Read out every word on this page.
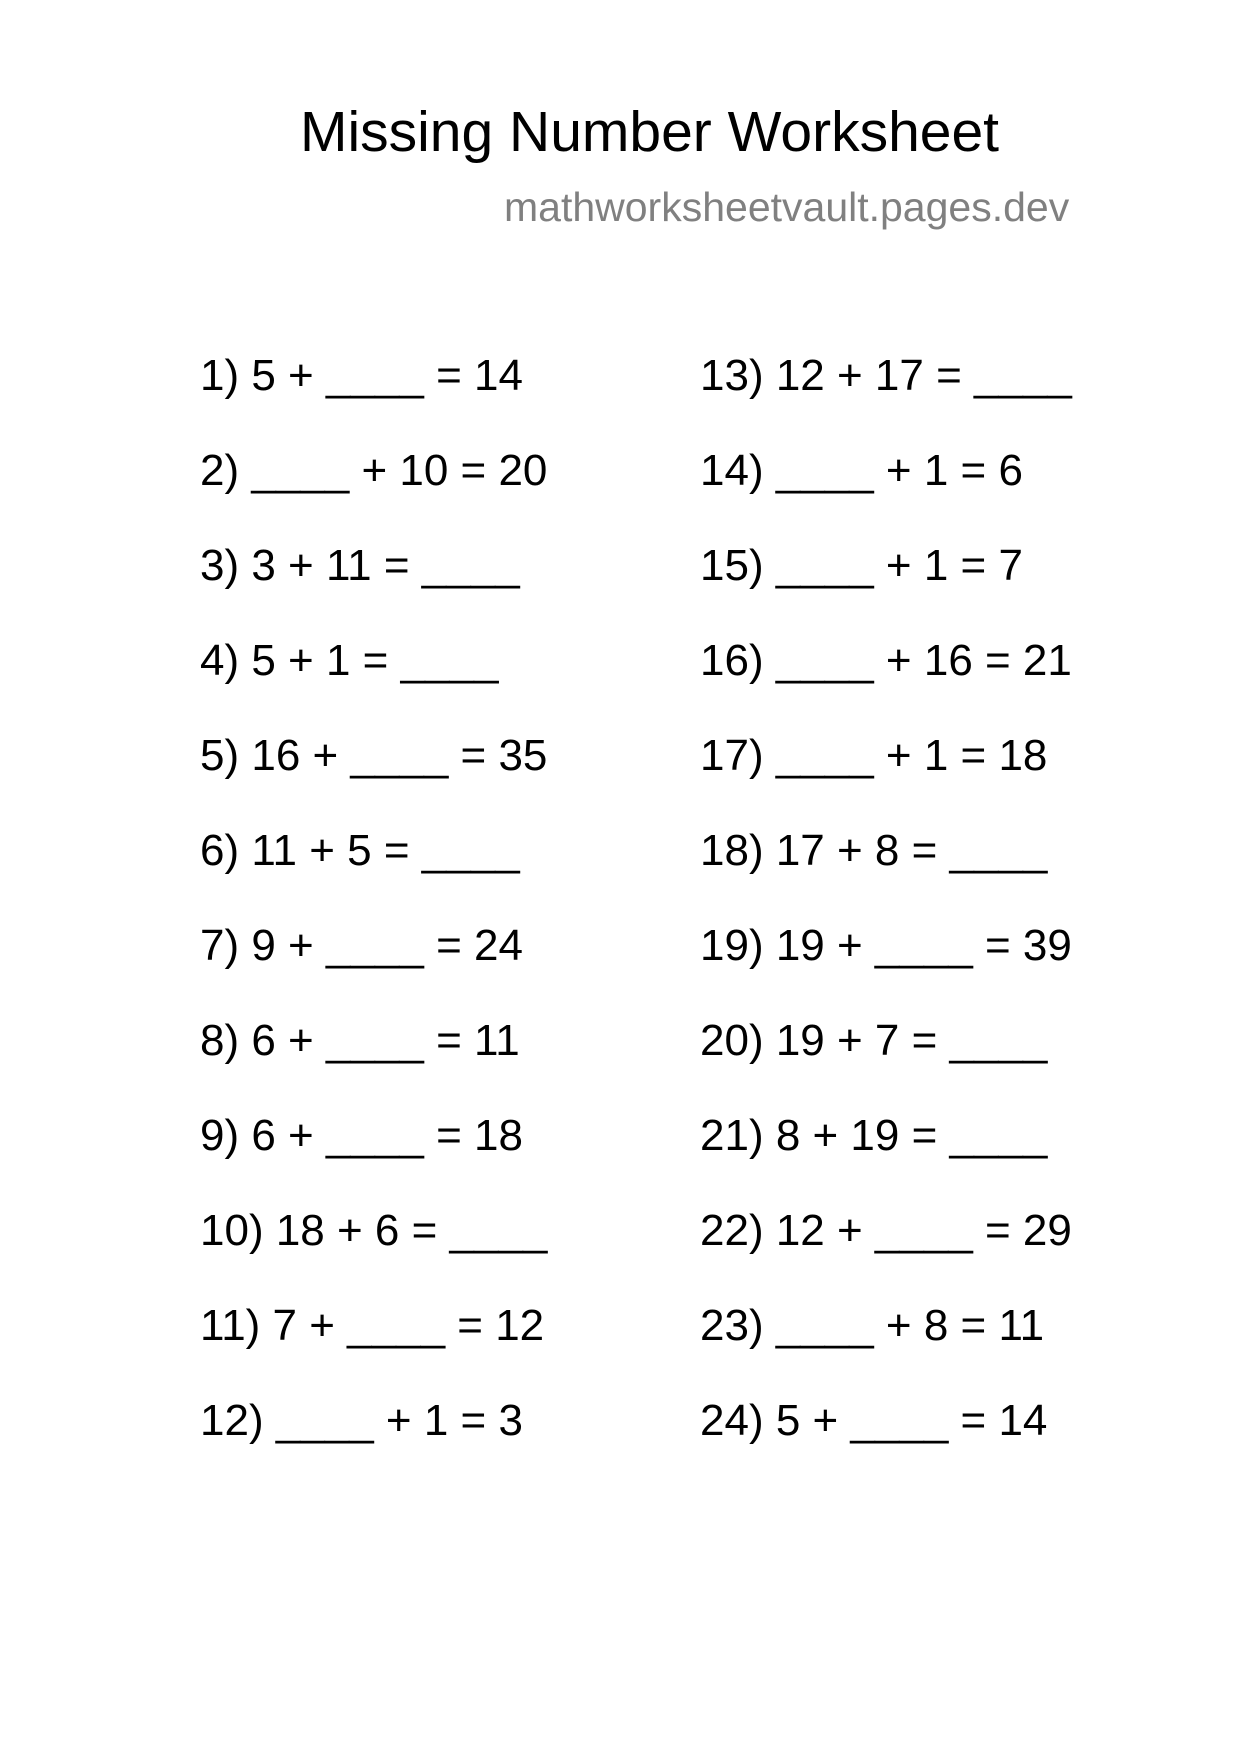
Missing Number Worksheet
mathworksheetvault.pages.dev
1) 5 + ____ = 14
2) ____ + 10 = 20
3) 3 + 11 = ____
4) 5 + 1 = ____
5) 16 + ____ = 35
6) 11 + 5 = ____
7) 9 + ____ = 24
8) 6 + ____ = 11
9) 6 + ____ = 18
10) 18 + 6 = ____
11) 7 + ____ = 12
12) ____ + 1 = 3
13) 12 + 17 = ____
14) ____ + 1 = 6
15) ____ + 1 = 7
16) ____ + 16 = 21
17) ____ + 1 = 18
18) 17 + 8 = ____
19) 19 + ____ = 39
20) 19 + 7 = ____
21) 8 + 19 = ____
22) 12 + ____ = 29
23) ____ + 8 = 11
24) 5 + ____ = 14
